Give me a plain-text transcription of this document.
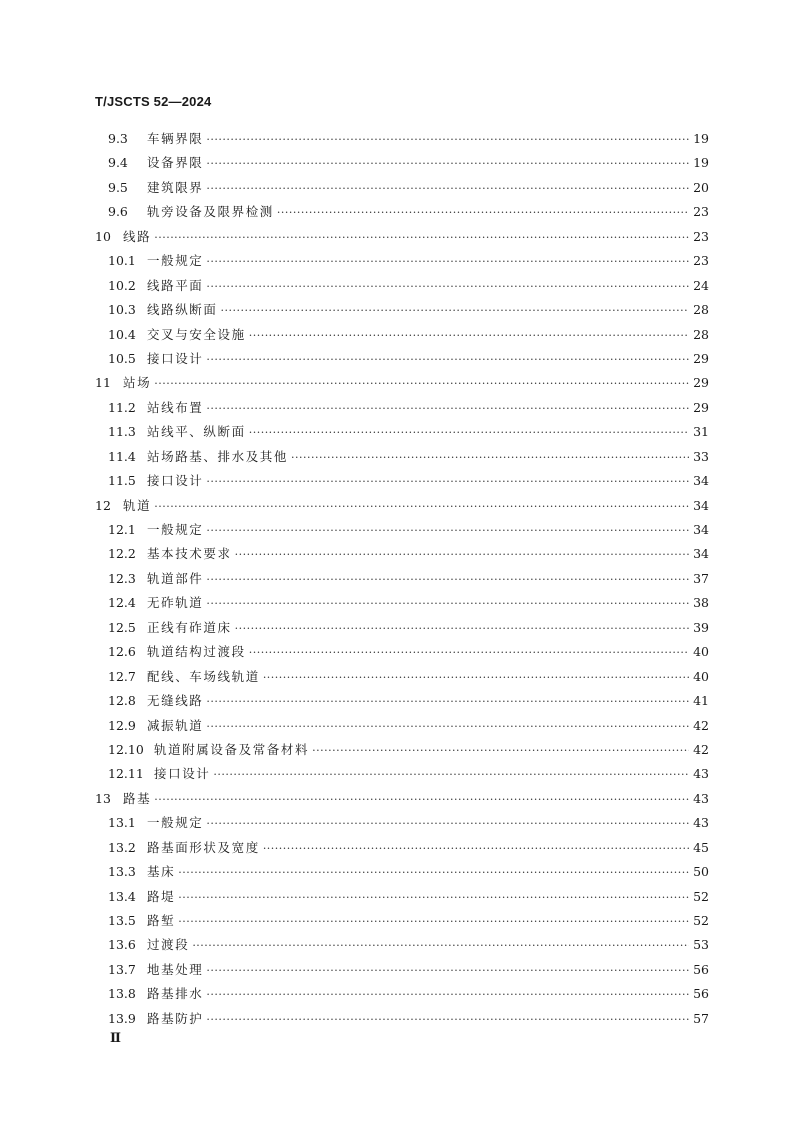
T/JSCTS 52—2024
9.3	车辆界限 ·····	19
9.4	设备界限 ·····	19
9.5	建筑限界 ·····	20
9.6	轨旁设备及限界检测 ·····	23
10 线路 ·····	23
10.1 一般规定 ·····	23
10.2 线路平面 ·····	24
10.3 线路纵断面 ·····	28
10.4 交叉与安全设施 ·····	28
10.5 接口设计 ·····	29
11 站场 ·····	29
11.2 站线布置 ·····	29
11.3 站线平、纵断面 ·····	31
11.4 站场路基、排水及其他 ·····	33
11.5 接口设计 ·····	34
12 轨道 ·····	34
12.1 一般规定 ·····	34
12.2 基本技术要求 ·····	34
12.3 轨道部件 ·····	37
12.4 无砟轨道 ·····	38
12.5 正线有砟道床 ·····	39
12.6 轨道结构过渡段 ·····	40
12.7 配线、车场线轨道 ·····	40
12.8 无缝线路 ·····	41
12.9 减振轨道 ·····	42
12.10 轨道附属设备及常备材料 ·····	42
12.11 接口设计 ·····	43
13 路基 ·····	43
13.1 一般规定 ·····	43
13.2 路基面形状及宽度 ·····	45
13.3 基床 ·····	50
13.4 路堤 ·····	52
13.5 路堑 ·····	52
13.6 过渡段 ·····	53
13.7 地基处理 ·····	56
13.8 路基排水 ·····	56
13.9 路基防护 ·····	57
Ⅱ
